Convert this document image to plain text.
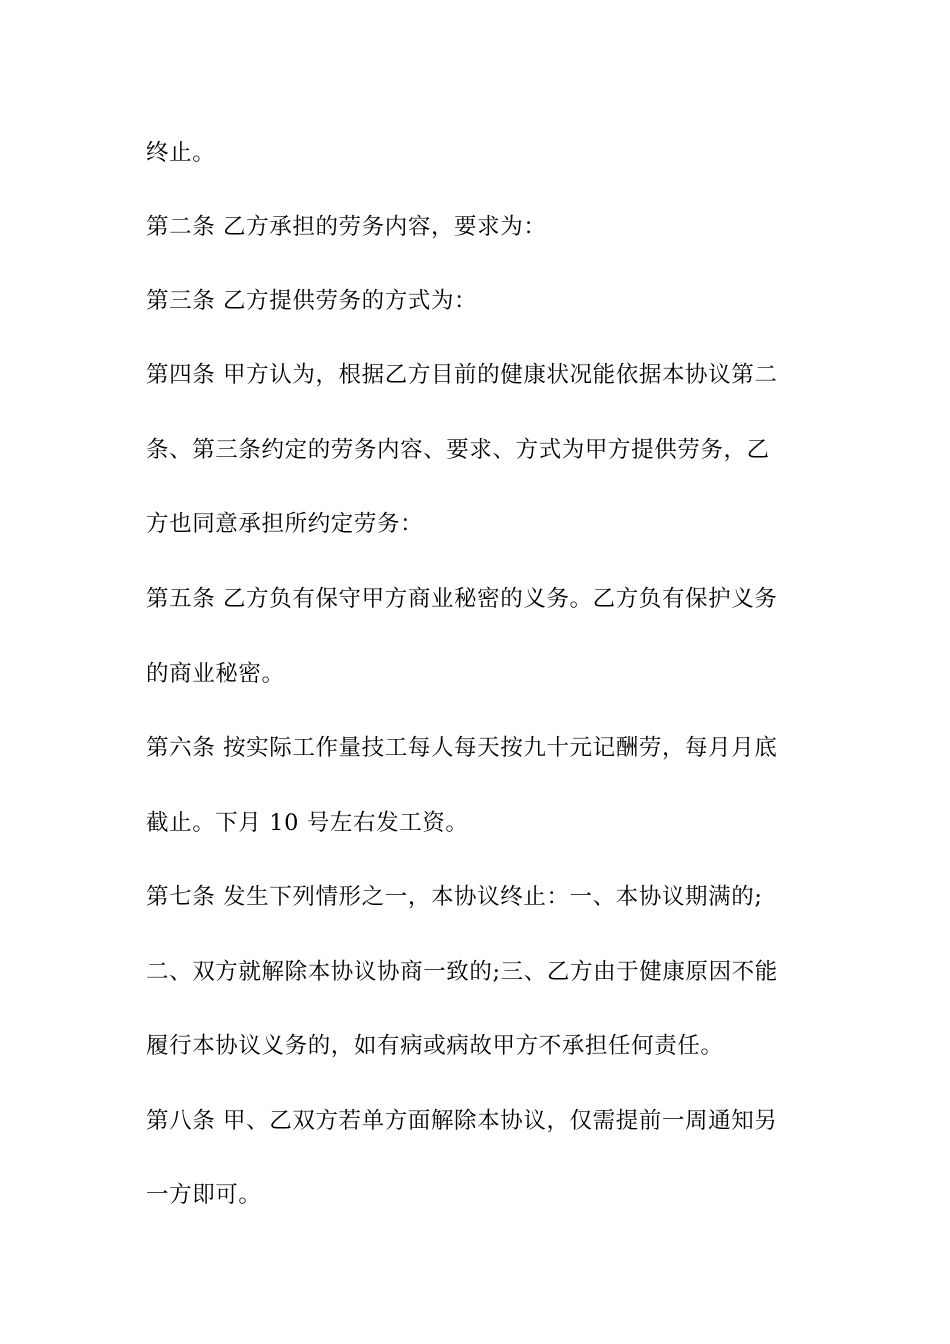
终止。
第二条 乙方承担的劳务内容，要求为：
第三条 乙方提供劳务的方式为：
第四条 甲方认为，根据乙方目前的健康状况能依据本协议第二
条、第三条约定的劳务内容、要求、方式为甲方提供劳务，乙
方也同意承担所约定劳务：
第五条 乙方负有保守甲方商业秘密的义务。乙方负有保护义务
的商业秘密。
第六条 按实际工作量技工每人每天按九十元记酬劳，每月月底
截止。下月 10 号左右发工资。
第七条 发生下列情形之一，本协议终止：一、本协议期满的;
二、双方就解除本协议协商一致的;三、乙方由于健康原因不能
履行本协议义务的，如有病或病故甲方不承担任何责任。
第八条 甲、乙双方若单方面解除本协议，仅需提前一周通知另
一方即可。
